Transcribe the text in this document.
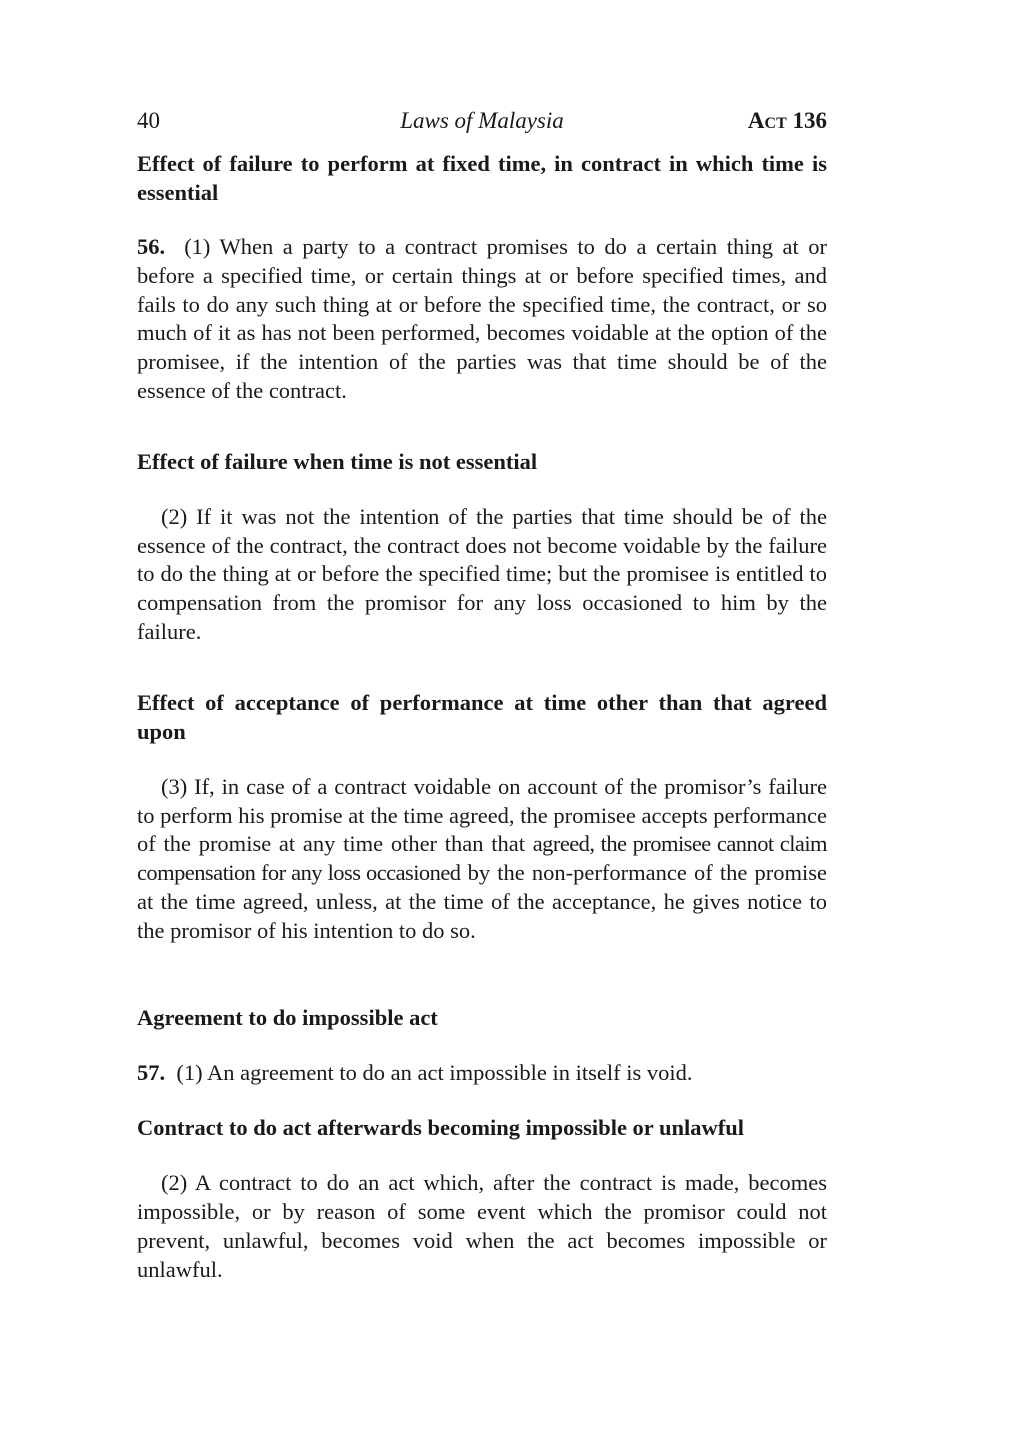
40	Laws of Malaysia	Act 136

Effect of failure to perform at fixed time, in contract in which time is essential

56. (1) When a party to a contract promises to do a certain thing at or before a specified time, or certain things at or before specified times, and fails to do any such thing at or before the specified time, the contract, or so much of it as has not been performed, becomes voidable at the option of the promisee, if the intention of the parties was that time should be of the essence of the contract.

Effect of failure when time is not essential

(2) If it was not the intention of the parties that time should be of the essence of the contract, the contract does not become voidable by the failure to do the thing at or before the specified time; but the promisee is entitled to compensation from the promisor for any loss occasioned to him by the failure.

Effect of acceptance of performance at time other than that agreed upon

(3) If, in case of a contract voidable on account of the promisor’s failure to perform his promise at the time agreed, the promisee accepts performance of the promise at any time other than that agreed, the promisee cannot claim compensation for any loss occasioned by the non-performance of the promise at the time agreed, unless, at the time of the acceptance, he gives notice to the promisor of his intention to do so.

Agreement to do impossible act

57. (1) An agreement to do an act impossible in itself is void.

Contract to do act afterwards becoming impossible or unlawful

(2) A contract to do an act which, after the contract is made, becomes impossible, or by reason of some event which the promisor could not prevent, unlawful, becomes void when the act becomes impossible or unlawful.
